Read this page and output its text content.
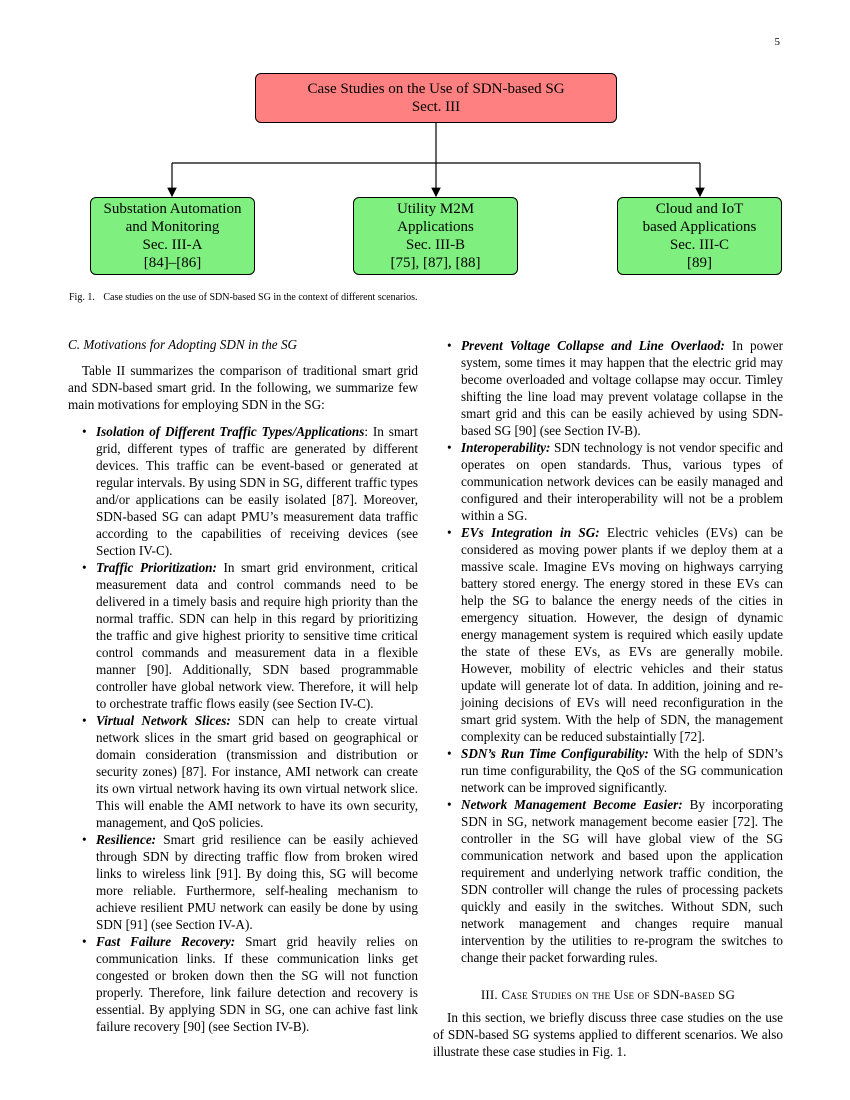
5
Case Studies on the Use of SDN-based SG
Sect. III
Substation Automation
and Monitoring
Sec. III-A
[84]–[86]
Utility M2M
Applications
Sec. III-B
[75], [87], [88]
Cloud and IoT
based Applications
Sec. III-C
[89]
Fig. 1. Case studies on the use of SDN-based SG in the context of different scenarios.
C. Motivations for Adopting SDN in the SG

Table II summarizes the comparison of traditional smart grid and SDN-based smart grid. In the following, we summarize few main motivations for employing SDN in the SG:

• Isolation of Different Traffic Types/Applications: In smart grid, different types of traffic are generated by different devices. This traffic can be event-based or generated at regular intervals. By using SDN in SG, different traffic types and/or applications can be easily isolated [87]. Moreover, SDN-based SG can adapt PMU’s measurement data traffic according to the capabilities of receiving devices (see Section IV-C).
• Traffic Prioritization: In smart grid environment, critical measurement data and control commands need to be delivered in a timely basis and require high priority than the normal traffic. SDN can help in this regard by prioritizing the traffic and give highest priority to sensitive time critical control commands and measurement data in a flexible manner [90]. Additionally, SDN based programmable controller have global network view. Therefore, it will help to orchestrate traffic flows easily (see Section IV-C).
• Virtual Network Slices: SDN can help to create virtual network slices in the smart grid based on geographical or domain consideration (transmission and distribution or security zones) [87]. For instance, AMI network can create its own virtual network having its own virtual network slice. This will enable the AMI network to have its own security, management, and QoS policies.
• Resilience: Smart grid resilience can be easily achieved through SDN by directing traffic flow from broken wired links to wireless link [91]. By doing this, SG will become more reliable. Furthermore, self-healing mechanism to achieve resilient PMU network can easily be done by using SDN [91] (see Section IV-A).
• Fast Failure Recovery: Smart grid heavily relies on communication links. If these communication links get congested or broken down then the SG will not function properly. Therefore, link failure detection and recovery is essential. By applying SDN in SG, one can achive fast link failure recovery [90] (see Section IV-B).
• Prevent Voltage Collapse and Line Overlaod: In power system, some times it may happen that the electric grid may become overloaded and voltage collapse may occur. Timley shifting the line load may prevent volatage collapse in the smart grid and this can be easily achieved by using SDN-based SG [90] (see Section IV-B).
• Interoperability: SDN technology is not vendor specific and operates on open standards. Thus, various types of communication network devices can be easily managed and configured and their interoperability will not be a problem within a SG.
• EVs Integration in SG: Electric vehicles (EVs) can be considered as moving power plants if we deploy them at a massive scale. Imagine EVs moving on highways carrying battery stored energy. The energy stored in these EVs can help the SG to balance the energy needs of the cities in emergency situation. However, the design of dynamic energy management system is required which easily update the state of these EVs, as EVs are generally mobile. However, mobility of electric vehicles and their status update will generate lot of data. In addition, joining and re-joining decisions of EVs will need reconfiguration in the smart grid system. With the help of SDN, the management complexity can be reduced substaintially [72].
• SDN’s Run Time Configurability: With the help of SDN’s run time configurability, the QoS of the SG communication network can be improved significantly.
• Network Management Become Easier: By incorporating SDN in SG, network management become easier [72]. The controller in the SG will have global view of the SG communication network and based upon the application requirement and underlying network traffic condition, the SDN controller will change the rules of processing packets quickly and easily in the switches. Without SDN, such network management and changes require manual intervention by the utilities to re-program the switches to change their packet forwarding rules.
III. Case Studies on the Use of SDN-based SG

In this section, we briefly discuss three case studies on the use of SDN-based SG systems applied to different scenarios. We also illustrate these case studies in Fig. 1.
